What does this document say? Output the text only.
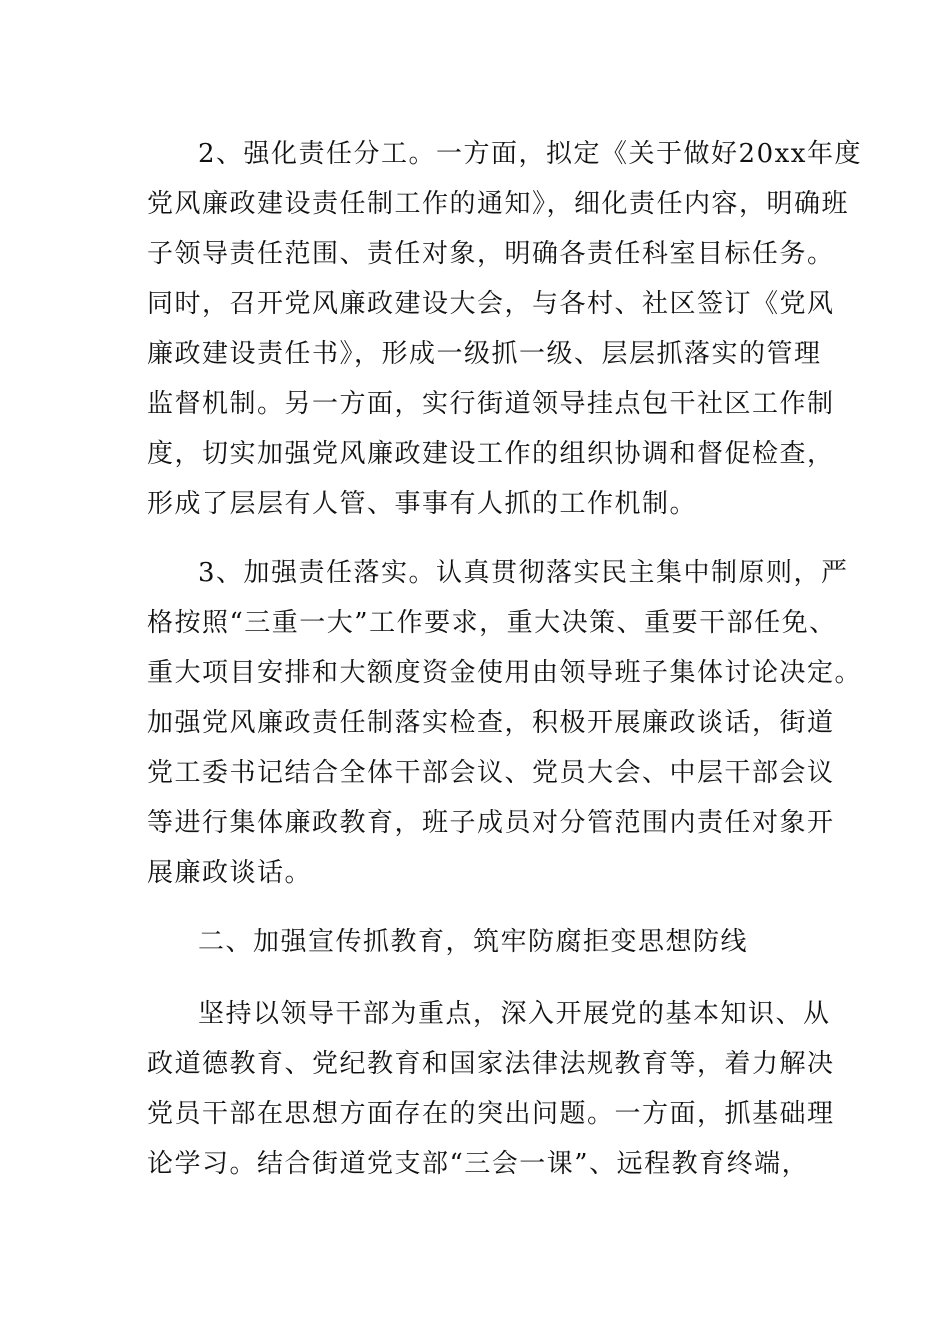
2、强化责任分工。一方面，拟定《关于做好20xx年度
党风廉政建设责任制工作的通知》，细化责任内容，明确班
子领导责任范围、责任对象，明确各责任科室目标任务。
同时，召开党风廉政建设大会，与各村、社区签订《党风
廉政建设责任书》，形成一级抓一级、层层抓落实的管理
监督机制。另一方面，实行街道领导挂点包干社区工作制
度，切实加强党风廉政建设工作的组织协调和督促检查，
形成了层层有人管、事事有人抓的工作机制。
3、加强责任落实。认真贯彻落实民主集中制原则，严
格按照“三重一大”工作要求，重大决策、重要干部任免、
重大项目安排和大额度资金使用由领导班子集体讨论决定。
加强党风廉政责任制落实检查，积极开展廉政谈话，街道
党工委书记结合全体干部会议、党员大会、中层干部会议
等进行集体廉政教育，班子成员对分管范围内责任对象开
展廉政谈话。
二、加强宣传抓教育，筑牢防腐拒变思想防线
坚持以领导干部为重点，深入开展党的基本知识、从
政道德教育、党纪教育和国家法律法规教育等，着力解决
党员干部在思想方面存在的突出问题。一方面，抓基础理
论学习。结合街道党支部“三会一课”、远程教育终端，
